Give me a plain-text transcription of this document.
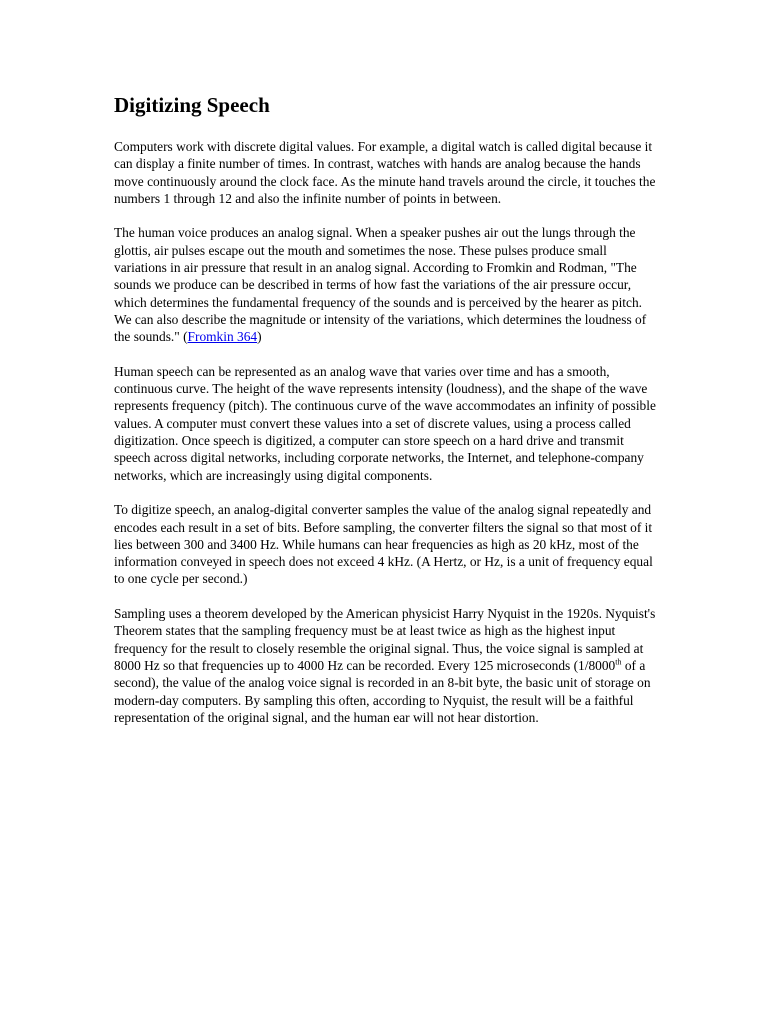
Digitizing Speech

Computers work with discrete digital values. For example, a digital watch is called digital because it can display a finite number of times. In contrast, watches with hands are analog because the hands move continuously around the clock face. As the minute hand travels around the circle, it touches the numbers 1 through 12 and also the infinite number of points in between.

The human voice produces an analog signal. When a speaker pushes air out the lungs through the glottis, air pulses escape out the mouth and sometimes the nose. These pulses produce small variations in air pressure that result in an analog signal. According to Fromkin and Rodman, "The sounds we produce can be described in terms of how fast the variations of the air pressure occur, which determines the fundamental frequency of the sounds and is perceived by the hearer as pitch. We can also describe the magnitude or intensity of the variations, which determines the loudness of the sounds." (Fromkin 364)

Human speech can be represented as an analog wave that varies over time and has a smooth, continuous curve. The height of the wave represents intensity (loudness), and the shape of the wave represents frequency (pitch). The continuous curve of the wave accommodates an infinity of possible values. A computer must convert these values into a set of discrete values, using a process called digitization. Once speech is digitized, a computer can store speech on a hard drive and transmit speech across digital networks, including corporate networks, the Internet, and telephone-company networks, which are increasingly using digital components.

To digitize speech, an analog-digital converter samples the value of the analog signal repeatedly and encodes each result in a set of bits. Before sampling, the converter filters the signal so that most of it lies between 300 and 3400 Hz. While humans can hear frequencies as high as 20 kHz, most of the information conveyed in speech does not exceed 4 kHz. (A Hertz, or Hz, is a unit of frequency equal to one cycle per second.)

Sampling uses a theorem developed by the American physicist Harry Nyquist in the 1920s. Nyquist's Theorem states that the sampling frequency must be at least twice as high as the highest input frequency for the result to closely resemble the original signal. Thus, the voice signal is sampled at 8000 Hz so that frequencies up to 4000 Hz can be recorded. Every 125 microseconds (1/8000th of a second), the value of the analog voice signal is recorded in an 8-bit byte, the basic unit of storage on modern-day computers. By sampling this often, according to Nyquist, the result will be a faithful representation of the original signal, and the human ear will not hear distortion.
